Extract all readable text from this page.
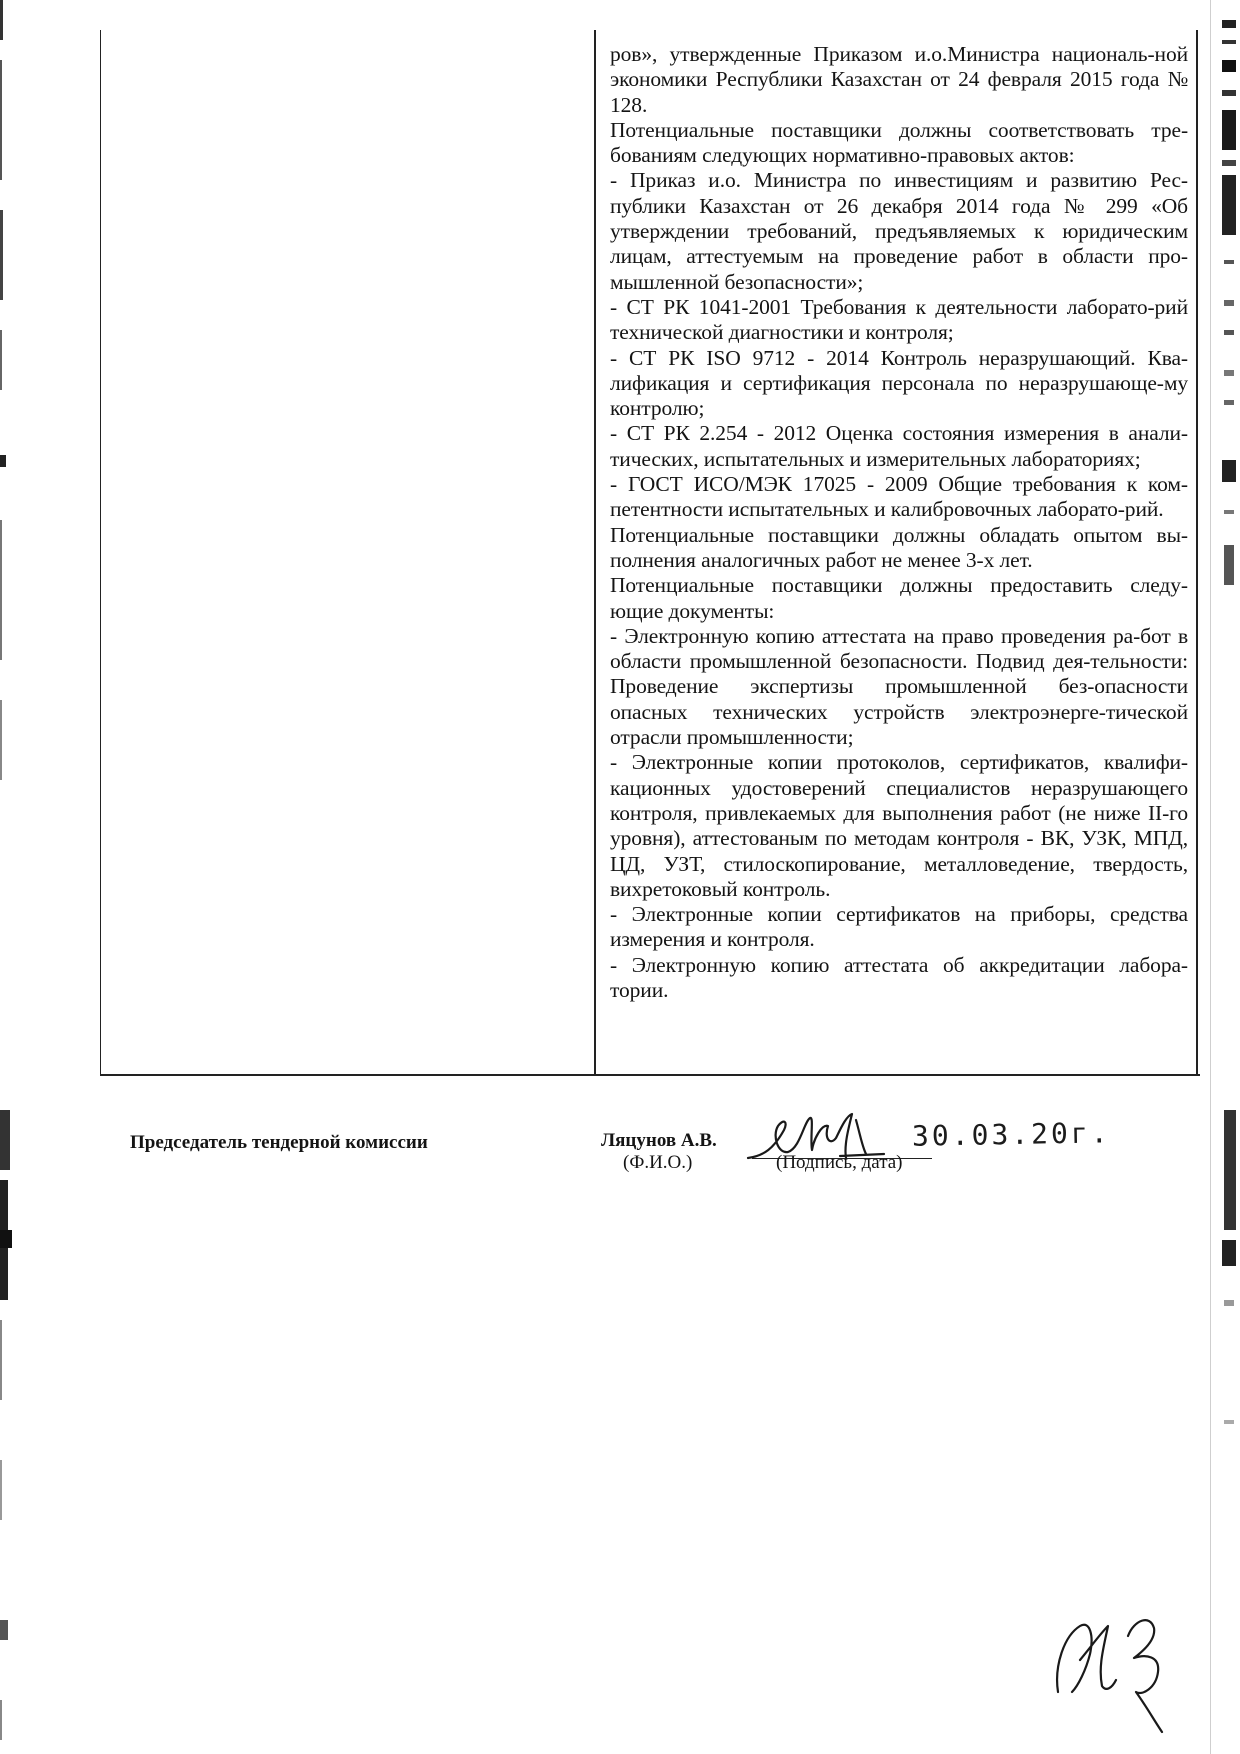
ров», утвержденные Приказом и.о.Министра националь-ной экономики Республики Казахстан от 24 февраля 2015 года № 128.

Потенциальные поставщики должны соответствовать тре-бованиям следующих нормативно-правовых актов:

- Приказ и.о. Министра по инвестициям и развитию Рес-публики Казахстан от 26 декабря 2014 года № 299 «Об утверждении требований, предъявляемых к юридическим лицам, аттестуемым на проведение работ в области про-мышленной безопасности»;

- СТ РК 1041-2001 Требования к деятельности лаборато-рий технической диагностики и контроля;

- СТ РК ISO 9712 - 2014 Контроль неразрушающий. Ква-лификация и сертификация персонала по неразрушающе-му контролю;

- СТ РК 2.254 - 2012 Оценка состояния измерения в анали-тических, испытательных и измерительных лабораториях;

- ГОСТ ИСО/МЭК 17025 - 2009 Общие требования к ком-петентности испытательных и калибровочных лаборато-рий.

Потенциальные поставщики должны обладать опытом вы-полнения аналогичных работ не менее 3-х лет.

Потенциальные поставщики должны предоставить следу-ющие документы:

- Электронную копию аттестата на право проведения ра-бот в области промышленной безопасности. Подвид дея-тельности: Проведение экспертизы промышленной без-опасности опасных технических устройств электроэнерге-тической отрасли промышленности;

- Электронные копии протоколов, сертификатов, квалифи-кационных удостоверений специалистов неразрушающего контроля, привлекаемых для выполнения работ (не ниже II-го уровня), аттестованым по методам контроля - ВК, УЗК, МПД, ЦД, УЗТ, стилоскопирование, металловедение, твердость, вихретоковый контроль.

- Электронные копии сертификатов на приборы, средства измерения и контроля.

- Электронную копию аттестата об аккредитации лабора-тории.

Председатель тендерной комиссии	Ляцунов А.В.	30.03.20г.
(Ф.И.О.)	(Подпись, дата)
